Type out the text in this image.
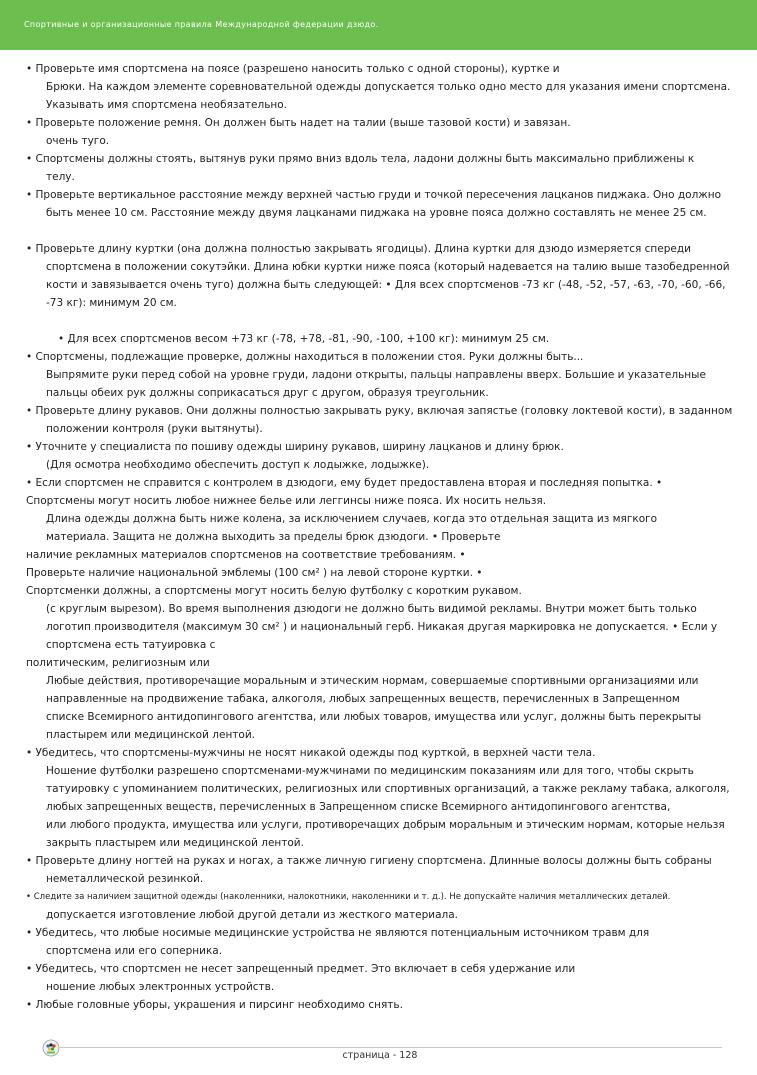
Спортивные и организационные правила Международной федерации дзюдо.
• Проверьте имя спортсмена на поясе (разрешено наносить только с одной стороны), куртке и
Брюки. На каждом элементе соревновательной одежды допускается только одно место для указания имени спортсмена.
Указывать имя спортсмена необязательно.
• Проверьте положение ремня. Он должен быть надет на талии (выше тазовой кости) и завязан.
очень туго.
• Спортсмены должны стоять, вытянув руки прямо вниз вдоль тела, ладони должны быть максимально приближены к
телу.
• Проверьте вертикальное расстояние между верхней частью груди и точкой пересечения лацканов пиджака. Оно должно
быть менее 10 см. Расстояние между двумя лацканами пиджака на уровне пояса должно составлять не менее 25 см.
• Проверьте длину куртки (она должна полностью закрывать ягодицы). Длина куртки для дзюдо измеряется спереди
спортсмена в положении сокутэйки. Длина юбки куртки ниже пояса (который надевается на талию выше тазобедренной
кости и завязывается очень туго) должна быть следующей: • Для всех спортсменов -73 кг (-48, -52, -57, -63, -70, -60, -66,
-73 кг): минимум 20 см.
• Для всех спортсменов весом +73 кг (-78, +78, -81, -90, -100, +100 кг): минимум 25 см.
• Спортсмены, подлежащие проверке, должны находиться в положении стоя. Руки должны быть...
Выпрямите руки перед собой на уровне груди, ладони открыты, пальцы направлены вверх. Большие и указательные
пальцы обеих рук должны соприкасаться друг с другом, образуя треугольник.
• Проверьте длину рукавов. Они должны полностью закрывать руку, включая запястье (головку локтевой кости), в заданном
положении контроля (руки вытянуты).
• Уточните у специалиста по пошиву одежды ширину рукавов, ширину лацканов и длину брюк.
(Для осмотра необходимо обеспечить доступ к лодыжке, лодыжке).
• Если спортсмен не справится с контролем в дзюдоги, ему будет предоставлена вторая и последняя попытка. •
Спортсмены могут носить любое нижнее белье или леггинсы ниже пояса. Их носить нельзя.
Длина одежды должна быть ниже колена, за исключением случаев, когда это отдельная защита из мягкого
материала. Защита не должна выходить за пределы брюк дзюдоги. • Проверьте
наличие рекламных материалов спортсменов на соответствие требованиям. •
Проверьте наличие национальной эмблемы (100 см² ) на левой стороне куртки. •
Спортсменки должны, а спортсмены могут носить белую футболку с коротким рукавом.
(с круглым вырезом). Во время выполнения дзюдоги не должно быть видимой рекламы. Внутри может быть только
логотип производителя (максимум 30 см² ) и национальный герб. Никакая другая маркировка не допускается. • Если у
спортсмена есть татуировка с
политическим, религиозным или
Любые действия, противоречащие моральным и этическим нормам, совершаемые спортивными организациями или
направленные на продвижение табака, алкоголя, любых запрещенных веществ, перечисленных в Запрещенном
списке Всемирного антидопингового агентства, или любых товаров, имущества или услуг, должны быть перекрыты
пластырем или медицинской лентой.
• Убедитесь, что спортсмены-мужчины не носят никакой одежды под курткой, в верхней части тела.
Ношение футболки разрешено спортсменами-мужчинами по медицинским показаниям или для того, чтобы скрыть
татуировку с упоминанием политических, религиозных или спортивных организаций, а также рекламу табака, алкоголя,
любых запрещенных веществ, перечисленных в Запрещенном списке Всемирного антидопингового агентства,
или любого продукта, имущества или услуги, противоречащих добрым моральным и этическим нормам, которые нельзя
закрыть пластырем или медицинской лентой.
• Проверьте длину ногтей на руках и ногах, а также личную гигиену спортсмена. Длинные волосы должны быть собраны
неметаллической резинкой.
• Следите за наличием защитной одежды (наколенники, налокотники, наколенники и т. д.). Не допускайте наличия металлических деталей.
допускается изготовление любой другой детали из жесткого материала.
• Убедитесь, что любые носимые медицинские устройства не являются потенциальным источником травм для
спортсмена или его соперника.
• Убедитесь, что спортсмен не несет запрещенный предмет. Это включает в себя удержание или
ношение любых электронных устройств.
• Любые головные уборы, украшения и пирсинг необходимо снять.
страница - 128
